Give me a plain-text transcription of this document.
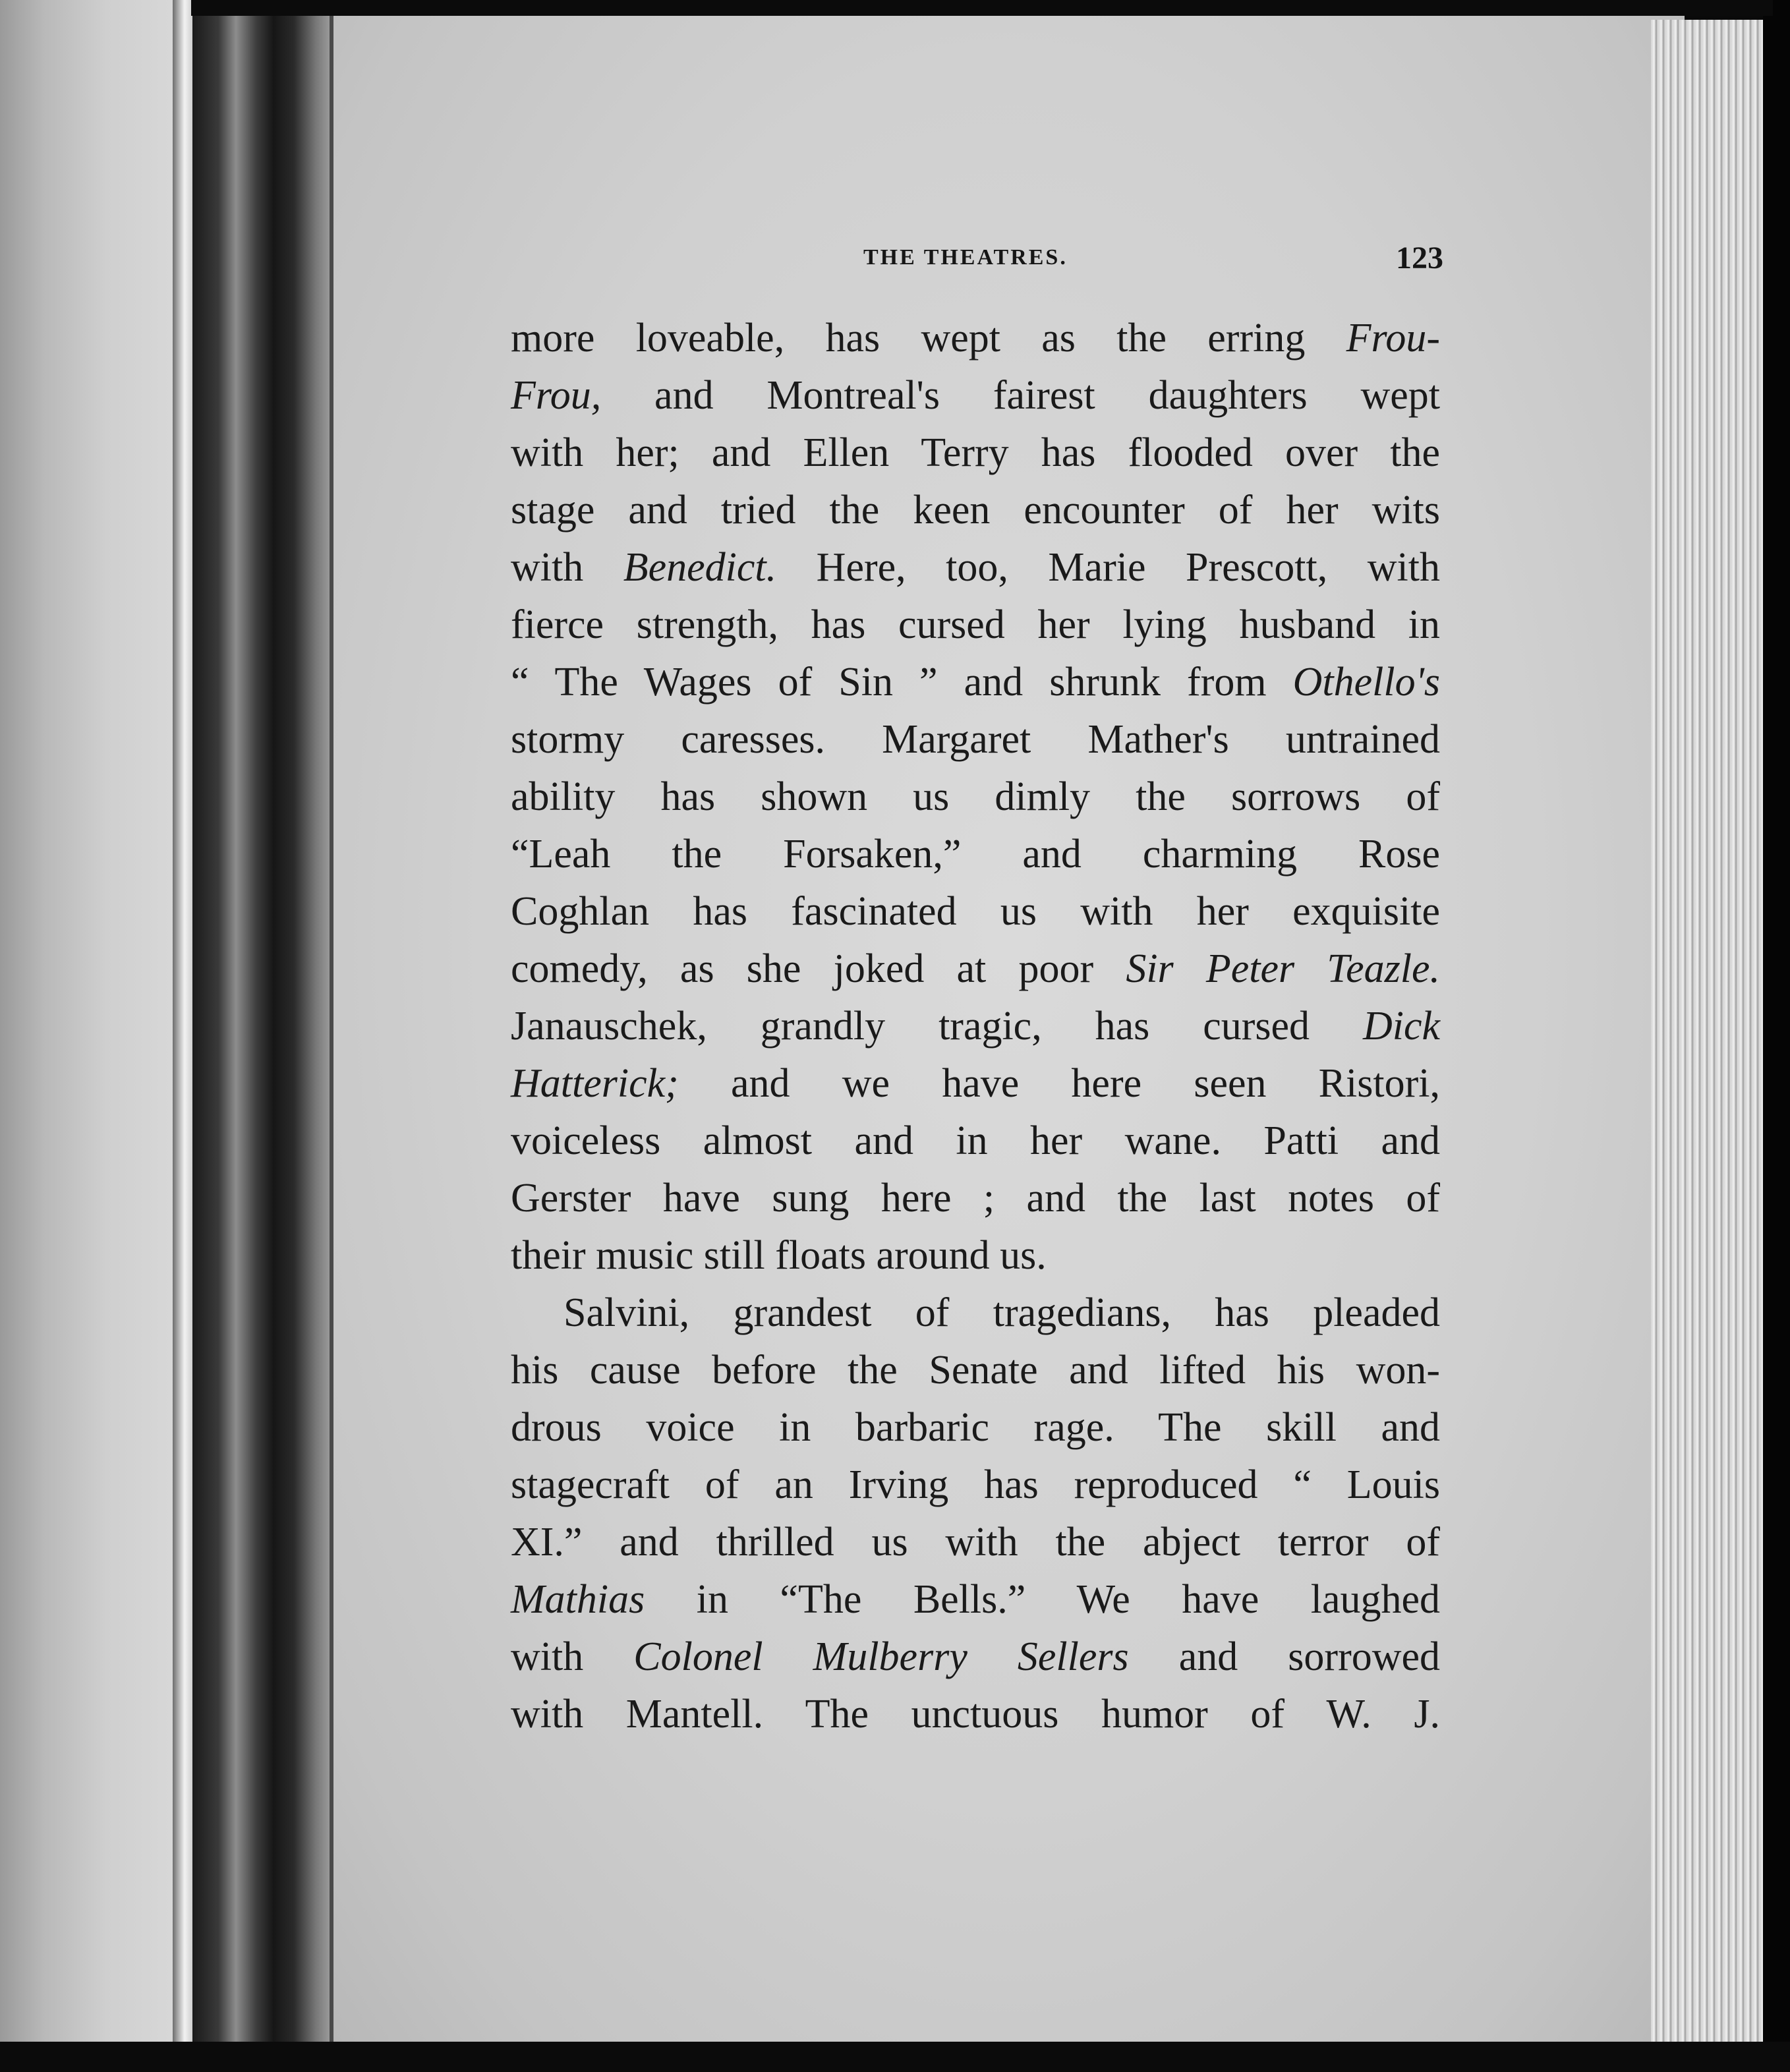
THE THEATRES.	123
more loveable, has wept as the erring Frou-
Frou, and Montreal's fairest daughters wept
with her; and Ellen Terry has flooded over the
stage and tried the keen encounter of her wits
with Benedict. Here, too, Marie Prescott, with
fierce strength, has cursed her lying husband in
“ The Wages of Sin ” and shrunk from Othello's
stormy caresses. Margaret Mather's untrained
ability has shown us dimly the sorrows of
“Leah the Forsaken,” and charming Rose
Coghlan has fascinated us with her exquisite
comedy, as she joked at poor Sir Peter Teazle.
Janauschek, grandly tragic, has cursed Dick
Hatterick; and we have here seen Ristori,
voiceless almost and in her wane. Patti and
Gerster have sung here ; and the last notes of
their music still floats around us.
Salvini, grandest of tragedians, has pleaded
his cause before the Senate and lifted his won-
drous voice in barbaric rage. The skill and
stagecraft of an Irving has reproduced “ Louis
XI.” and thrilled us with the abject terror of
Mathias in “The Bells.” We have laughed
with Colonel Mulberry Sellers and sorrowed
with Mantell. The unctuous humor of W. J.
